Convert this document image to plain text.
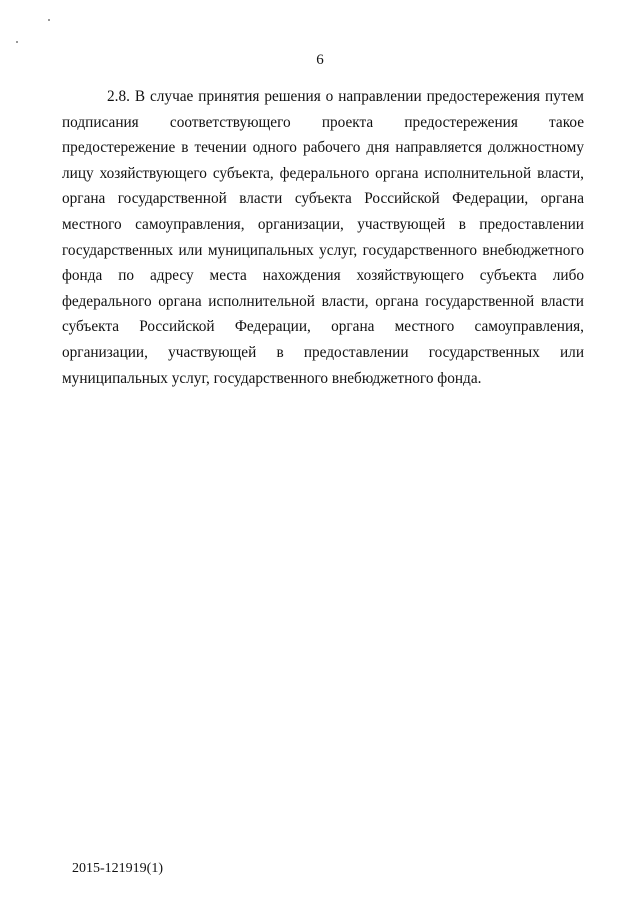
6
2.8. В случае принятия решения о направлении предостережения путем
подписания соответствующего проекта предостережения такое
предостережение в течении одного рабочего дня направляется должностному
лицу хозяйствующего субъекта, федерального органа исполнительной власти,
органа государственной власти субъекта Российской Федерации, органа
местного самоуправления, организации, участвующей в предоставлении
государственных или муниципальных услуг, государственного внебюджетного
фонда по адресу места нахождения хозяйствующего субъекта либо
федерального органа исполнительной власти, органа государственной власти
субъекта Российской Федерации, органа местного самоуправления,
организации, участвующей в предоставлении государственных или
муниципальных услуг, государственного внебюджетного фонда.
2015-121919(1)
